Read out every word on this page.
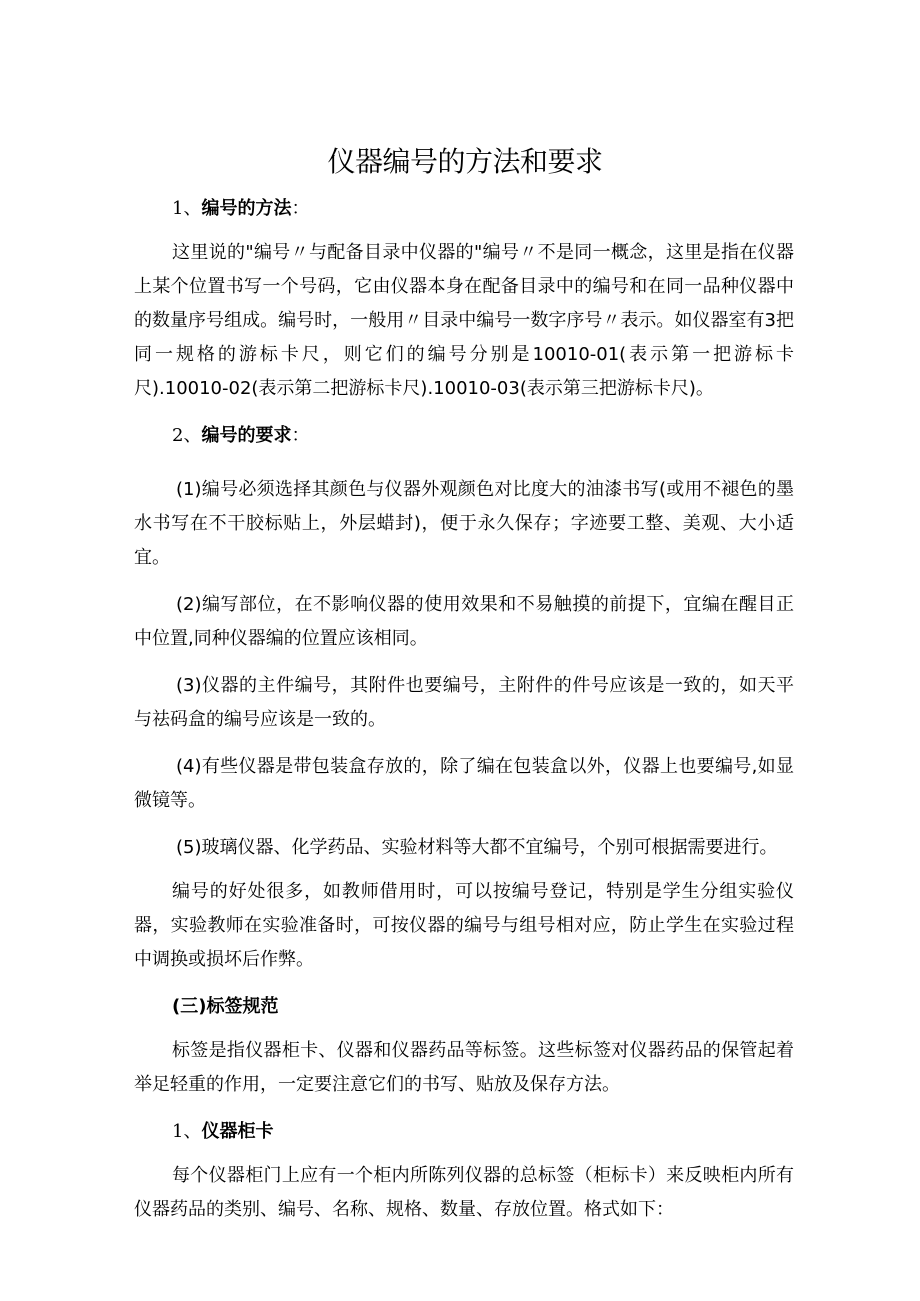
仪器编号的方法和要求

1、编号的方法：

这里说的"编号〃与配备目录中仪器的"编号〃不是同一概念，这里是指在仪器上某个位置书写一个号码，它由仪器本身在配备目录中的编号和在同一品种仪器中的数量序号组成。编号时，一般用〃目录中编号一数字序号〃表示。如仪器室有3把同一规格的游标卡尺，则它们的编号分别是10010-01(表示第一把游标卡尺).10010-02(表示第二把游标卡尺).10010-03(表示第三把游标卡尺)。

2、编号的要求：

(1)编号必须选择其颜色与仪器外观颜色对比度大的油漆书写(或用不褪色的墨水书写在不干胶标贴上，外层蜡封)，便于永久保存；字迹要工整、美观、大小适宜。

(2)编写部位，在不影响仪器的使用效果和不易触摸的前提下，宜编在醒目正中位置,同种仪器编的位置应该相同。

(3)仪器的主件编号，其附件也要编号，主附件的件号应该是一致的，如天平与祛码盒的编号应该是一致的。

(4)有些仪器是带包装盒存放的，除了编在包装盒以外，仪器上也要编号,如显微镜等。

(5)玻璃仪器、化学药品、实验材料等大都不宜编号，个别可根据需要进行。

编号的好处很多，如教师借用时，可以按编号登记，特别是学生分组实验仪器，实验教师在实验准备时，可按仪器的编号与组号相对应，防止学生在实验过程中调换或损坏后作弊。

(三)标签规范

标签是指仪器柜卡、仪器和仪器药品等标签。这些标签对仪器药品的保管起着举足轻重的作用，一定要注意它们的书写、贴放及保存方法。

1、仪器柜卡

每个仪器柜门上应有一个柜内所陈列仪器的总标签（柜标卡）来反映柜内所有仪器药品的类别、编号、名称、规格、数量、存放位置。格式如下：
